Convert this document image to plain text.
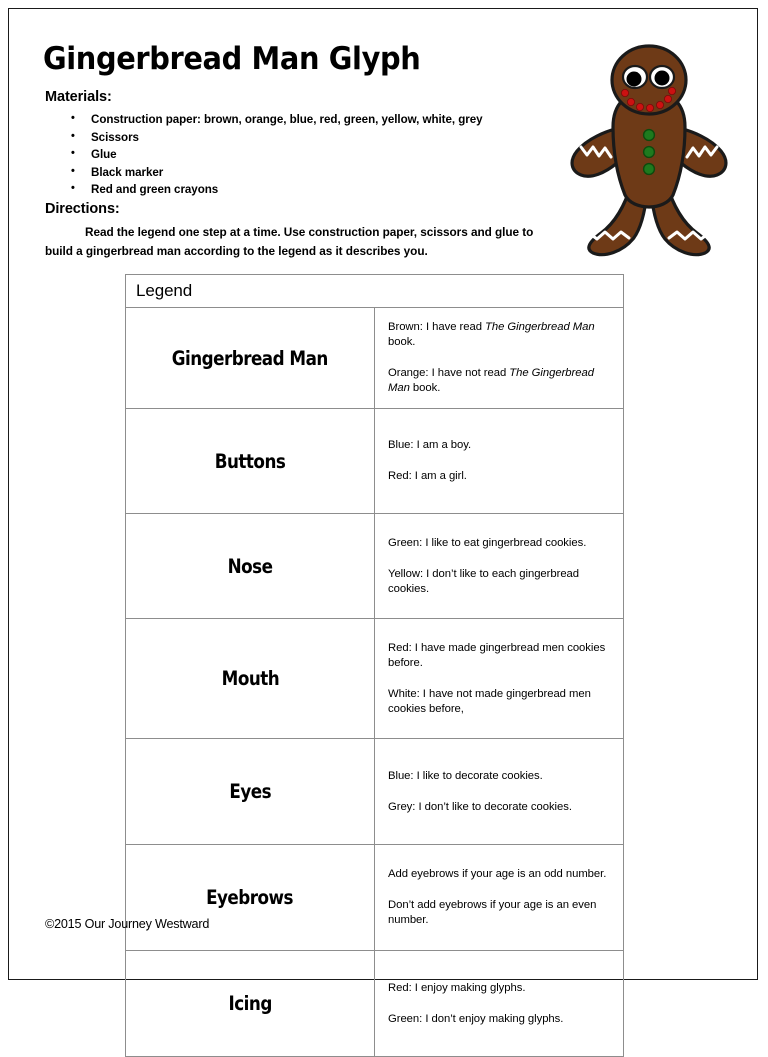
Gingerbread Man Glyph
Materials:
• Construction paper: brown, orange, blue, red, green, yellow, white, grey
• Scissors
• Glue
• Black marker
• Red and green crayons
Directions:
Read the legend one step at a time. Use construction paper, scissors and glue to build a gingerbread man according to the legend as it describes you.
Legend	
Gingerbread Man	Brown: I have read The Gingerbread Man book.

Orange: I have not read The Gingerbread Man book.

Buttons	Blue: I am a boy.

Red: I am a girl.

Nose	Green: I like to eat gingerbread cookies.

Yellow: I don’t like to each gingerbread cookies.

Mouth	Red: I have made gingerbread men cookies before.

White: I have not made gingerbread men cookies before,

Eyes	Blue: I like to decorate cookies.

Grey: I don’t like to decorate cookies.

Eyebrows	Add eyebrows if your age is an odd number.

Don’t add eyebrows if your age is an even number.

Icing	Red: I enjoy making glyphs.

Green: I don’t enjoy making glyphs.

©2015 Our Journey Westward
